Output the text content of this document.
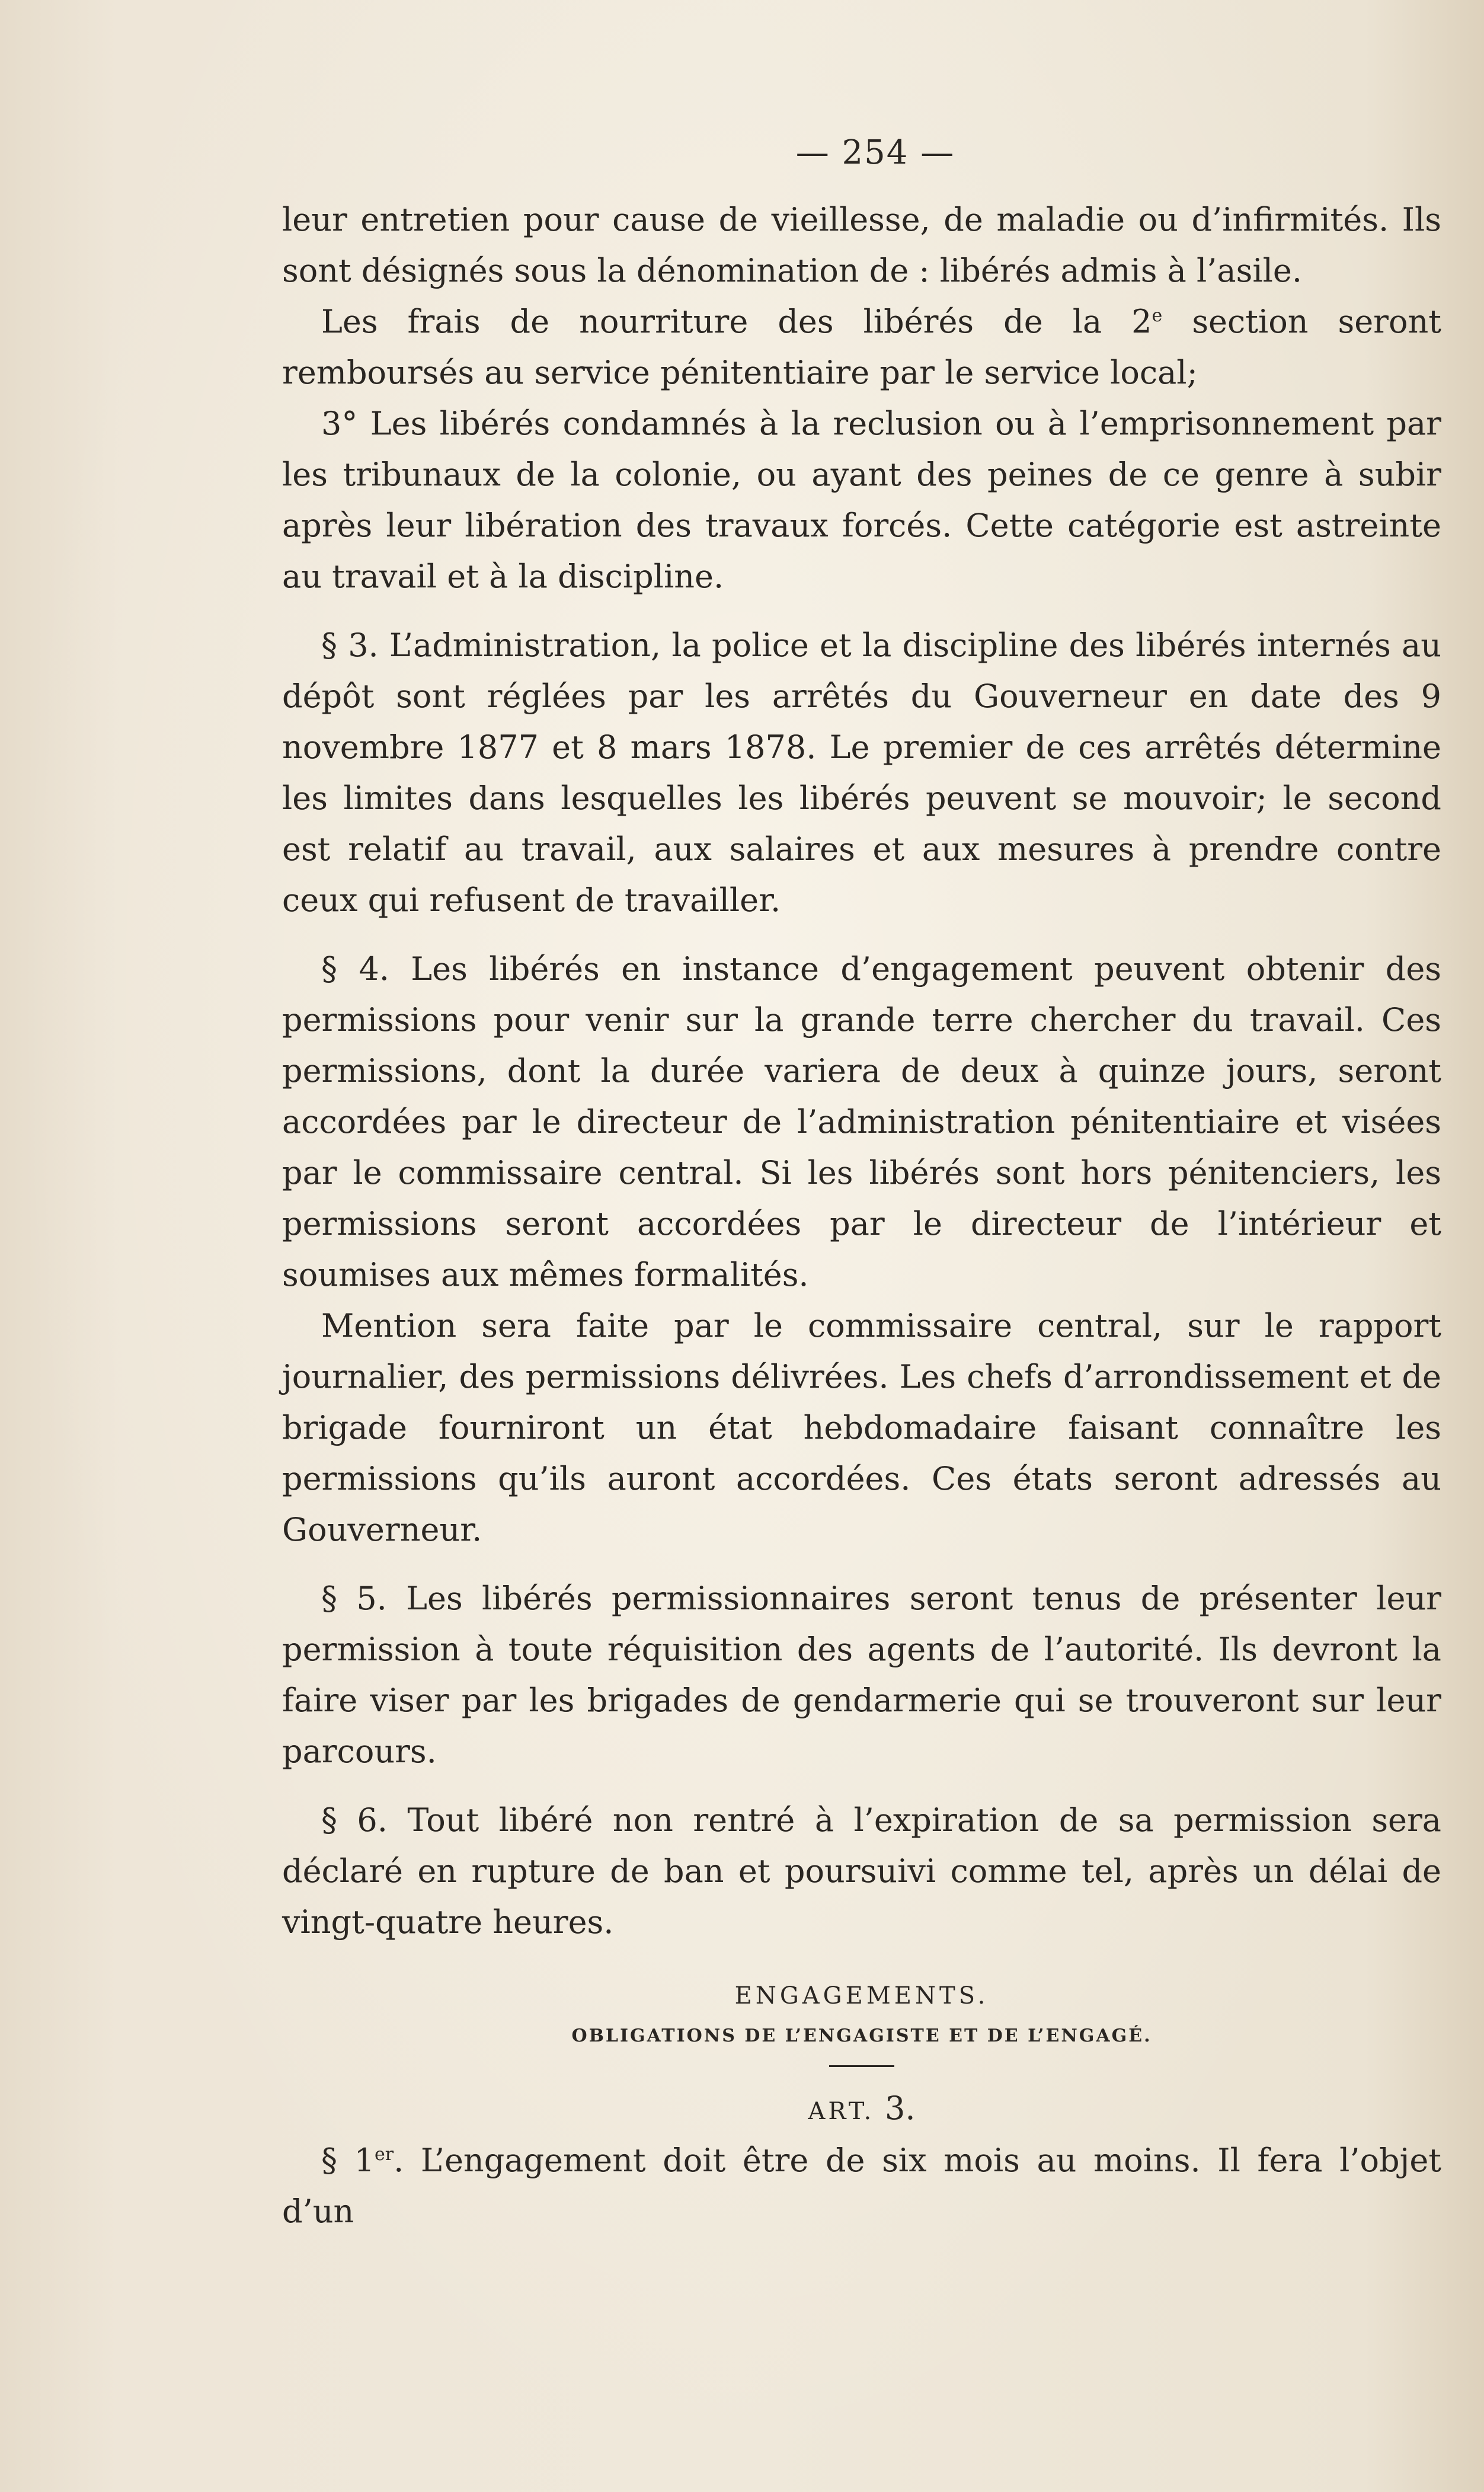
— 254 —

leur entretien pour cause de vieillesse, de maladie ou d’infirmités. Ils sont désignés sous la dénomination de : libérés admis à l’asile.

Les frais de nourriture des libérés de la 2e section seront remboursés au service pénitentiaire par le service local;

3° Les libérés condamnés à la reclusion ou à l’emprisonnement par les tribunaux de la colonie, ou ayant des peines de ce genre à subir après leur libération des travaux forcés. Cette catégorie est astreinte au travail et à la discipline.

§ 3. L’administration, la police et la discipline des libérés internés au dépôt sont réglées par les arrêtés du Gouverneur en date des 9 novembre 1877 et 8 mars 1878. Le premier de ces arrêtés détermine les limites dans lesquelles les libérés peuvent se mouvoir; le second est relatif au travail, aux salaires et aux mesures à prendre contre ceux qui refusent de travailler.

§ 4. Les libérés en instance d’engagement peuvent obtenir des permissions pour venir sur la grande terre chercher du travail. Ces permissions, dont la durée variera de deux à quinze jours, seront accordées par le directeur de l’administration pénitentiaire et visées par le commissaire central. Si les libérés sont hors pénitenciers, les permissions seront accordées par le directeur de l’intérieur et soumises aux mêmes formalités.

Mention sera faite par le commissaire central, sur le rapport journalier, des permissions délivrées. Les chefs d’arrondissement et de brigade fourniront un état hebdomadaire faisant connaître les permissions qu’ils auront accordées. Ces états seront adressés au Gouverneur.

§ 5. Les libérés permissionnaires seront tenus de présenter leur permission à toute réquisition des agents de l’autorité. Ils devront la faire viser par les brigades de gendarmerie qui se trouveront sur leur parcours.

§ 6. Tout libéré non rentré à l’expiration de sa permission sera déclaré en rupture de ban et poursuivi comme tel, après un délai de vingt-quatre heures.

ENGAGEMENTS.

OBLIGATIONS DE L’ENGAGISTE ET DE L’ENGAGÉ.

ART. 3.

§ 1er. L’engagement doit être de six mois au moins. Il fera l’objet d’un
